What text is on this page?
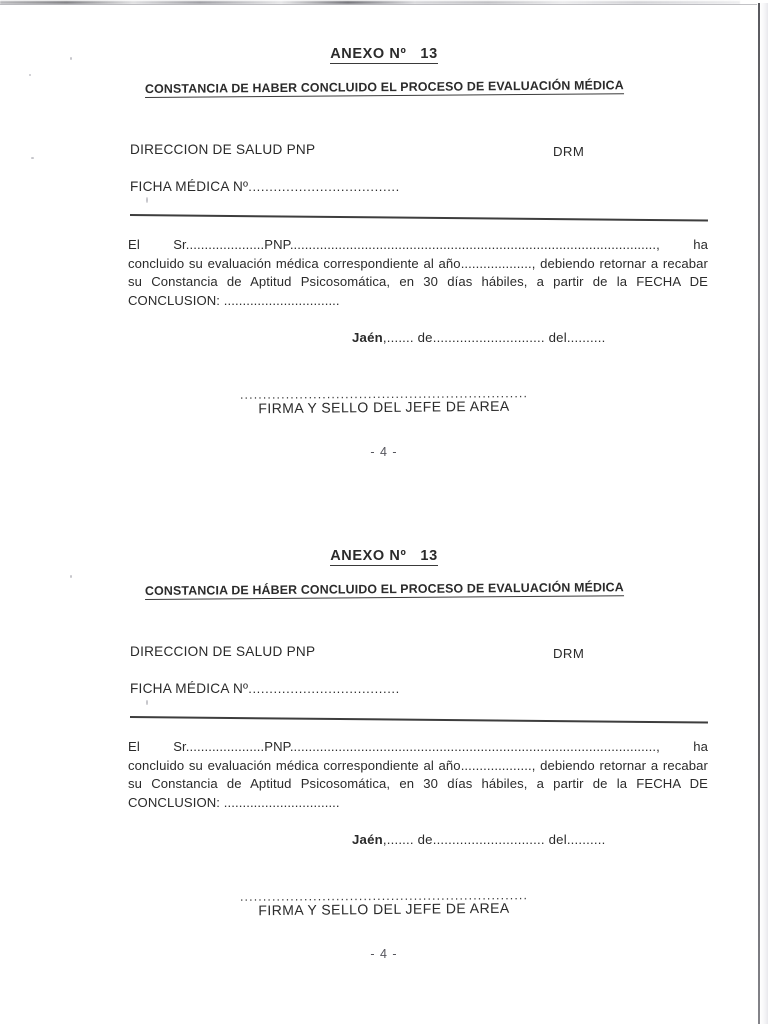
ANEXO Nº 13
CONSTANCIA DE HABER CONCLUIDO EL PROCESO DE EVALUACIÓN MÉDICA
DIRECCION DE SALUD PNP	DRM
FICHA MÉDICA Nº....................................
El Sr.....................PNP.................................................................................................., ha concluido su evaluación médica correspondiente al año..................., debiendo retornar a recabar su Constancia de Aptitud Psicosomática, en 30 días hábiles, a partir de la FECHA DE CONCLUSION: ...............................
Jaén,....... de............................. del..........
...............................................................
FIRMA Y SELLO DEL JEFE DE AREA
- 4 -
ANEXO Nº 13
CONSTANCIA DE HÁBER CONCLUIDO EL PROCESO DE EVALUACIÓN MÉDICA
DIRECCION DE SALUD PNP	DRM
FICHA MÉDICA Nº....................................
El Sr.....................PNP.................................................................................................., ha concluido su evaluación médica correspondiente al año..................., debiendo retornar a recabar su Constancia de Aptitud Psicosomática, en 30 días hábiles, a partir de la FECHA DE CONCLUSION: ...............................
Jaén,....... de............................. del..........
...............................................................
FIRMA Y SELLO DEL JEFE DE AREA
- 4 -
